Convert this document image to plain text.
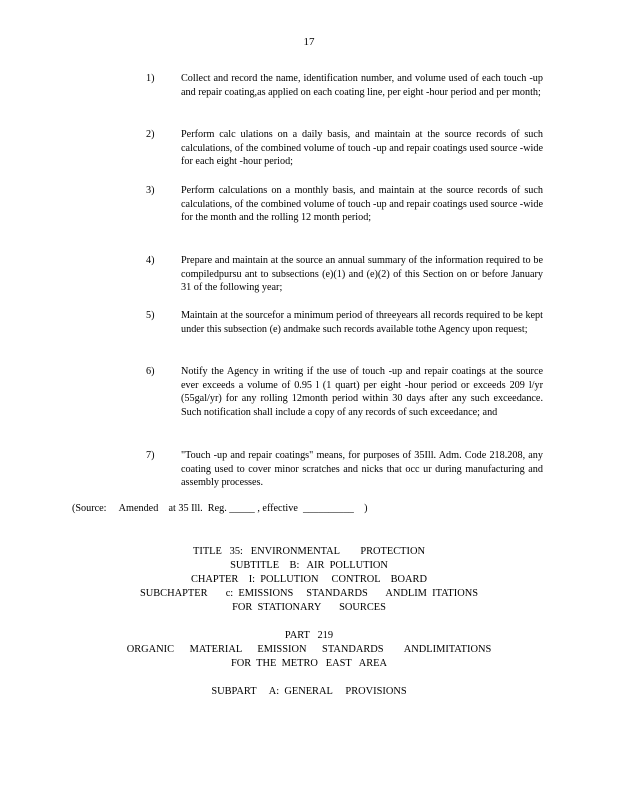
17
1)	Collect and record the name, identification number, and volume used of each touch -up and repair coating,as applied on each coating line, per eight -hour period and per month;
2)	Perform calc ulations on a daily basis, and maintain at the source records of such calculations, of the combined volume of touch -up and repair coatings used source -wide for each eight -hour period;
3)	Perform calculations on a monthly basis, and maintain at the source records of such calculations, of the combined volume of touch -up and repair coatings used source -wide for the month and the rolling 12 month period;
4)	Prepare and maintain at the source an annual summary of the information required to be compiledpursu ant to subsections (e)(1) and (e)(2) of this Section on or before January 31 of the following year;
5)	Maintain at the sourcefor a minimum period of threeyears all records required to be kept under this subsection (e) andmake such records available tothe Agency upon request;
6)	Notify the Agency in writing if the use of touch -up and repair coatings at the source ever exceeds a volume of 0.95 l (1 quart) per eight -hour period or exceeds 209 l/yr (55gal/yr) for any rolling 12month period within 30 days after any such exceedance. Such notification shall include a copy of any records of such exceedance; and
7)	"Touch -up and repair coatings" means, for purposes of 35Ill. Adm. Code 218.208, any coating used to cover minor scratches and nicks that occ ur during manufacturing and assembly processes.
(Source:     Amended    at 35 Ill.  Reg. _____ , effective  __________    )
TITLE   35:   ENVIRONMENTAL        PROTECTION
SUBTITLE    B:   AIR  POLLUTION
CHAPTER    I:  POLLUTION     CONTROL    BOARD
SUBCHAPTER       c:  EMISSIONS     STANDARDS       ANDLIM  ITATIONS
FOR  STATIONARY       SOURCES
PART   219
ORGANIC      MATERIAL      EMISSION      STANDARDS        ANDLIMITATIONS
FOR  THE  METRO   EAST   AREA
SUBPART     A:  GENERAL     PROVISIONS
